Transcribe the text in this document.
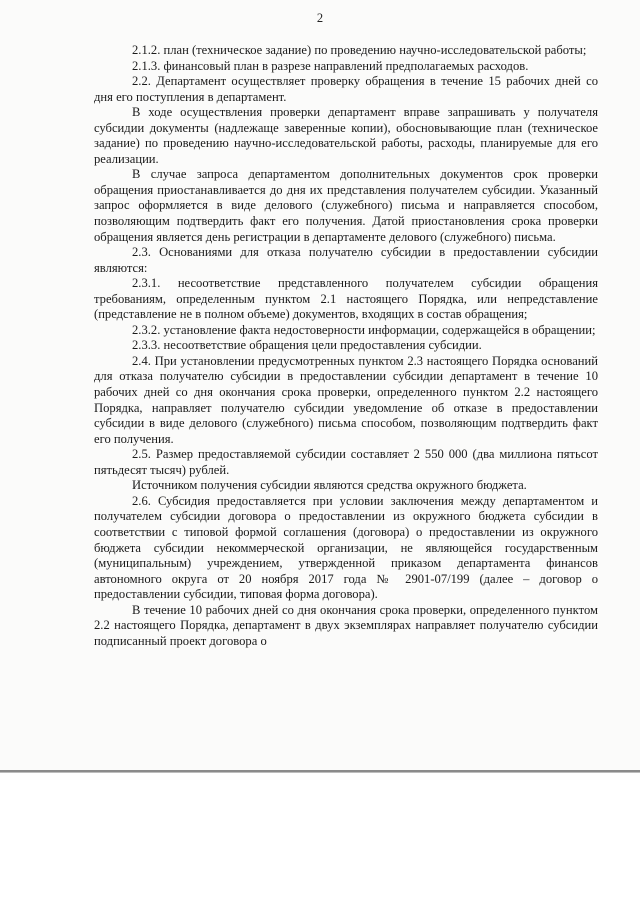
2

2.1.2. план (техническое задание) по проведению научно-исследовательской работы;

2.1.3. финансовый план в разрезе направлений предполагаемых расходов.

2.2. Департамент осуществляет проверку обращения в течение 15 рабочих дней со дня его поступления в департамент.

В ходе осуществления проверки департамент вправе запрашивать у получателя субсидии документы (надлежаще заверенные копии), обосновывающие план (техническое задание) по проведению научно-исследовательской работы, расходы, планируемые для его реализации.

В случае запроса департаментом дополнительных документов срок проверки обращения приостанавливается до дня их представления получателем субсидии. Указанный запрос оформляется в виде делового (служебного) письма и направляется способом, позволяющим подтвердить факт его получения. Датой приостановления срока проверки обращения является день регистрации в департаменте делового (служебного) письма.

2.3. Основаниями для отказа получателю субсидии в предоставлении субсидии являются:

2.3.1. несоответствие представленного получателем субсидии обращения требованиям, определенным пунктом 2.1 настоящего Порядка, или непредставление (представление не в полном объеме) документов, входящих в состав обращения;

2.3.2. установление факта недостоверности информации, содержащейся в обращении;

2.3.3. несоответствие обращения цели предоставления субсидии.

2.4. При установлении предусмотренных пунктом 2.3 настоящего Порядка оснований для отказа получателю субсидии в предоставлении субсидии департамент в течение 10 рабочих дней со дня окончания срока проверки, определенного пунктом 2.2 настоящего Порядка, направляет получателю субсидии уведомление об отказе в предоставлении субсидии в виде делового (служебного) письма способом, позволяющим подтвердить факт его получения.

2.5. Размер предоставляемой субсидии составляет 2 550 000 (два миллиона пятьсот пятьдесят тысяч) рублей.

Источником получения субсидии являются средства окружного бюджета.

2.6. Субсидия предоставляется при условии заключения между департаментом и получателем субсидии договора о предоставлении из окружного бюджета субсидии в соответствии с типовой формой соглашения (договора) о предоставлении из окружного бюджета субсидии некоммерческой организации, не являющейся государственным (муниципальным) учреждением, утвержденной приказом департамента финансов автономного округа от 20 ноября 2017 года № 2901-07/199 (далее – договор о предоставлении субсидии, типовая форма договора).

В течение 10 рабочих дней со дня окончания срока проверки, определенного пунктом 2.2 настоящего Порядка, департамент в двух экземплярах направляет получателю субсидии подписанный проект договора о
